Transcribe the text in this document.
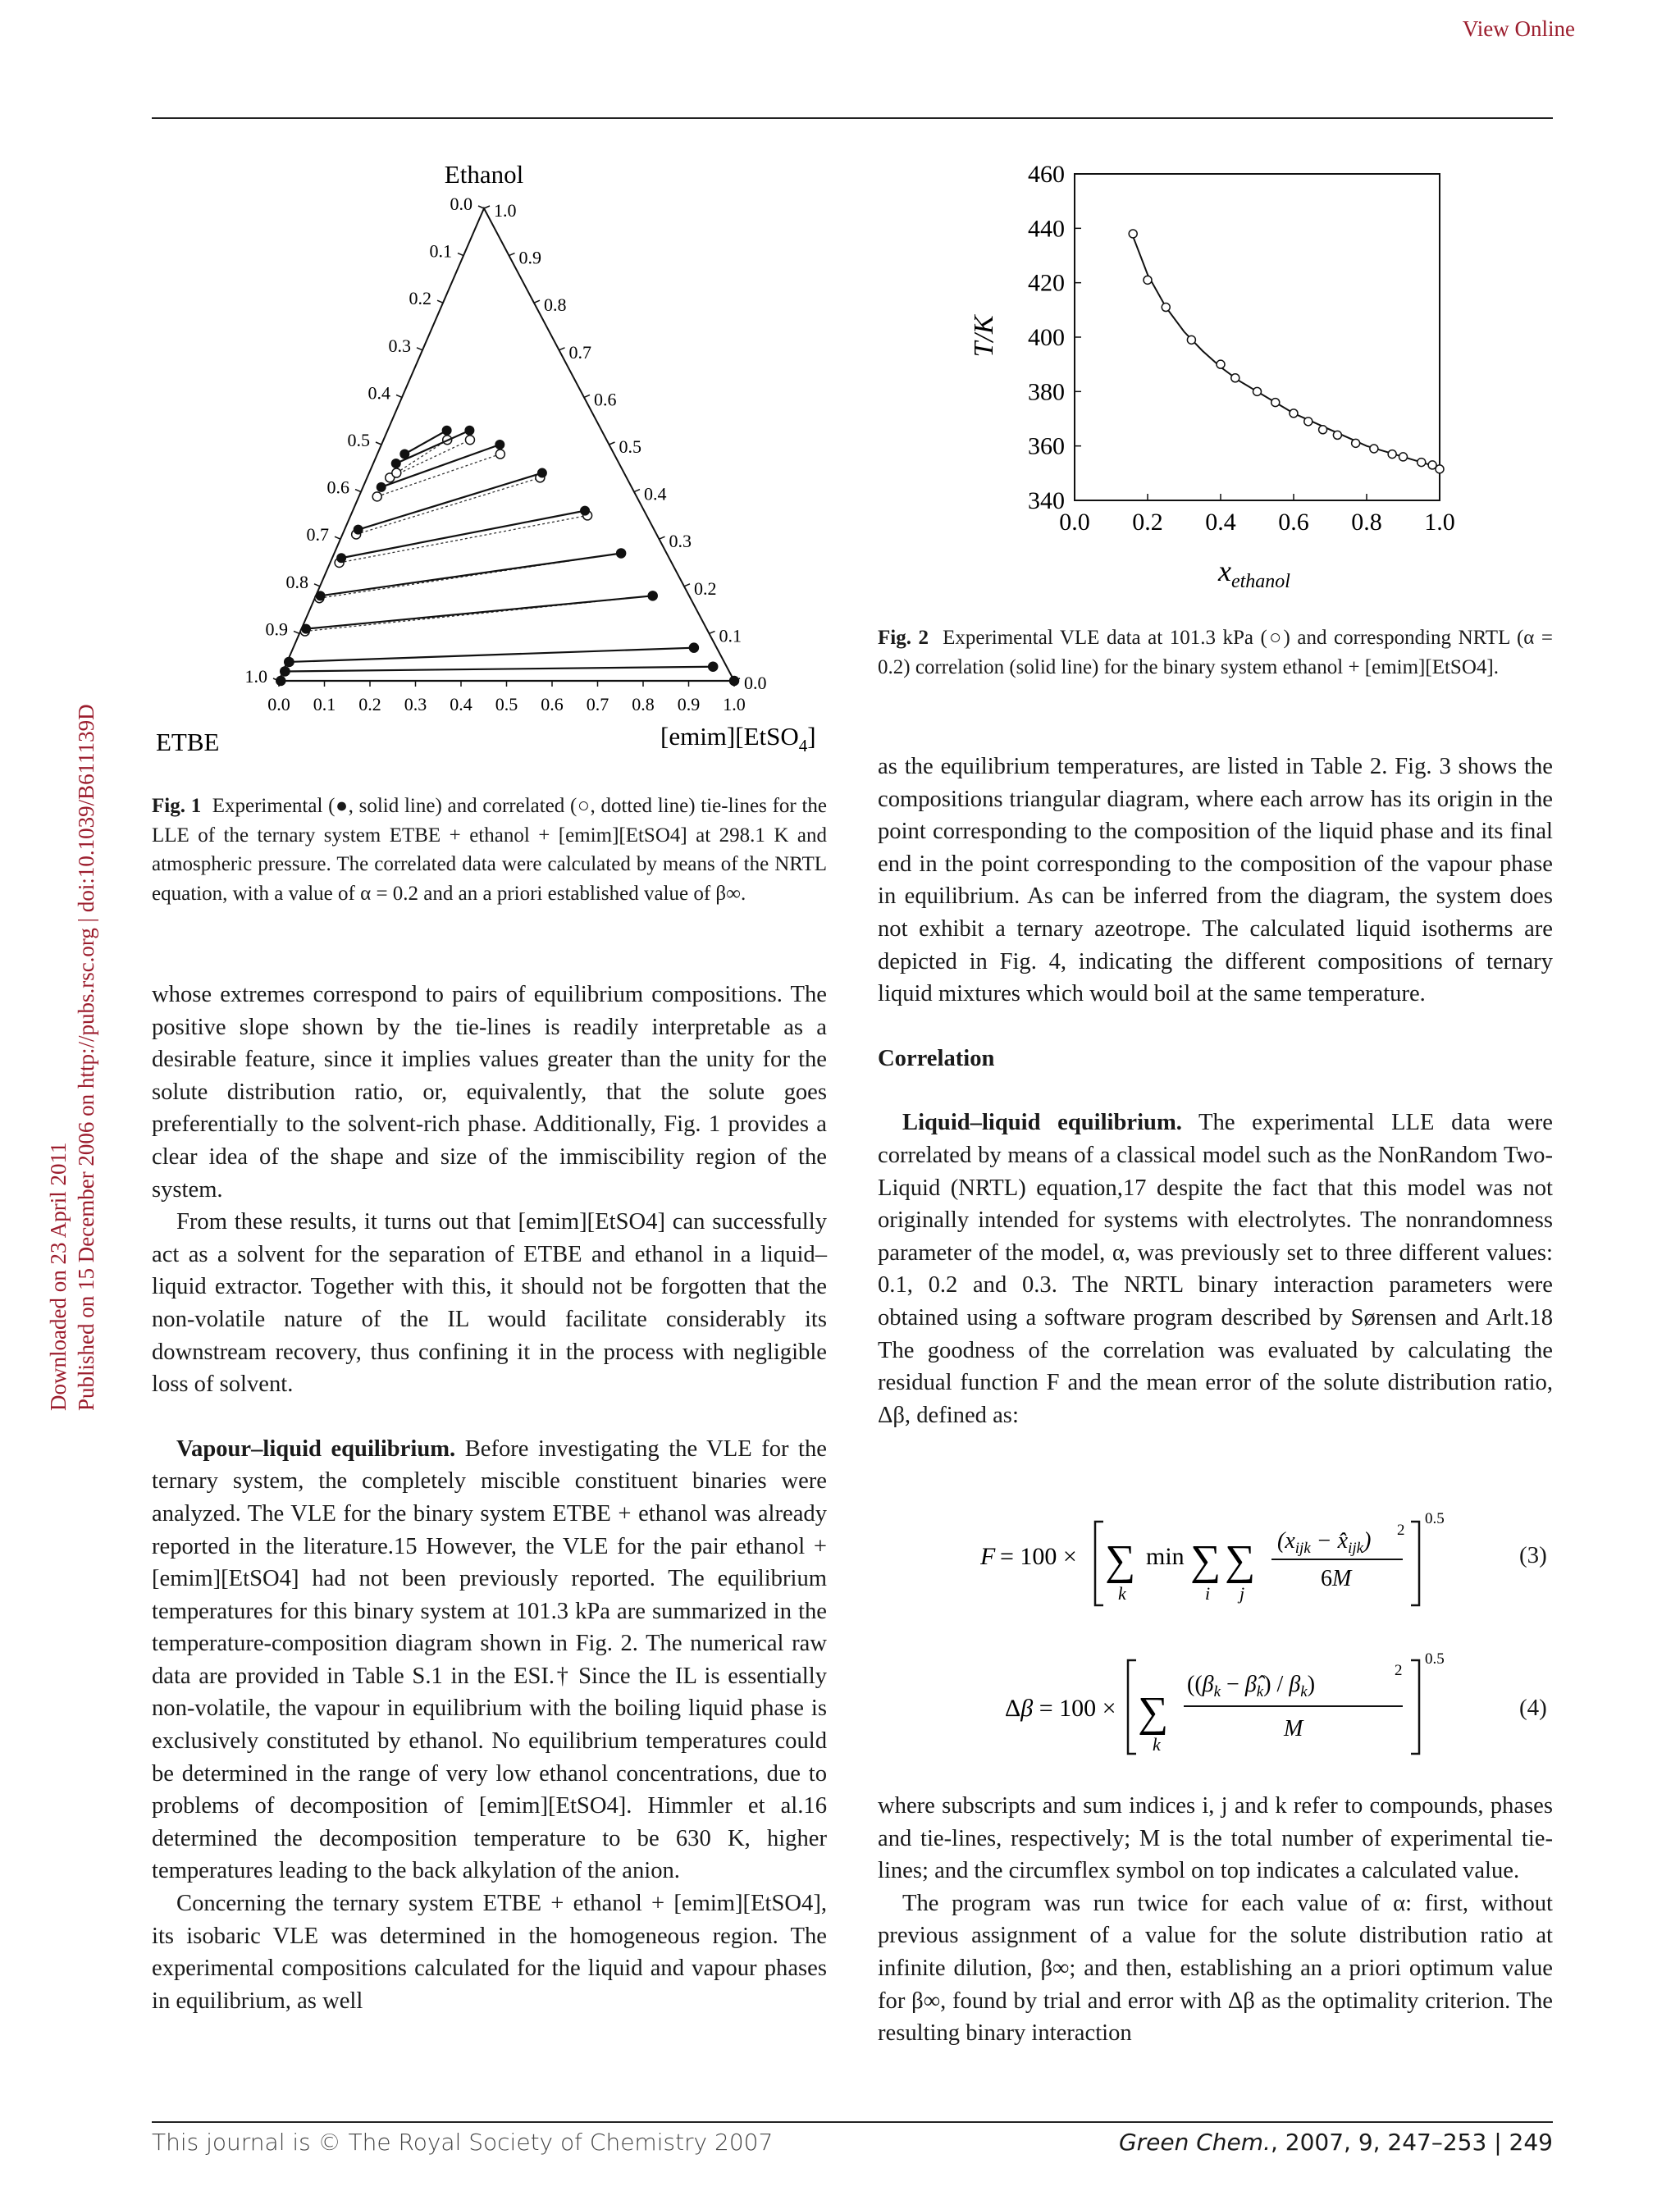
View Online
Downloaded on 23 April 2011 Published on 15 December 2006 on http://pubs.rsc.org | doi:10.1039/B611139D
Ethanol
ETBE	[emim][EtSO$_4$]
0.0
0.0 1.0
0.1
0.1	0.9
0.2
0.2	0.8
0.3
0.3	0.7
0.4
0.4	0.6
0.5
0.5	0.5
0.6
0.6	0.4
0.7
0.7	0.3
0.8
0.8	0.2
0.9
0.9	0.1
1.0
1.0	0.0
Fig. 1 Experimental (●, solid line) and correlated (○, dotted line) tie-lines for the LLE of the ternary system ETBE + ethanol + [emim][EtSO4] at 298.1 K and atmospheric pressure. The correlated data were calculated by means of the NRTL equation, with a value of α = 0.2 and an a priori established value of β∞.
T/K
$x_{ethanol}$
0.0 0.2 0.4 0.6 0.8 1.0
340
360
380
400
420
440
460
Fig. 2 Experimental VLE data at 101.3 kPa (○) and corresponding NRTL (α = 0.2) correlation (solid line) for the binary system ethanol + [emim][EtSO4].

whose extremes correspond to pairs of equilibrium compositions. The positive slope shown by the tie-lines is readily interpretable as a desirable feature, since it implies values greater than the unity for the solute distribution ratio, or, equivalently, that the solute goes preferentially to the solvent-rich phase. Additionally, Fig. 1 provides a clear idea of the shape and size of the immiscibility region of the system.

From these results, it turns out that [emim][EtSO4] can successfully act as a solvent for the separation of ETBE and ethanol in a liquid–liquid extractor. Together with this, it should not be forgotten that the non-volatile nature of the IL would facilitate considerably its downstream recovery, thus confining it in the process with negligible loss of solvent.

Vapour–liquid equilibrium. Before investigating the VLE for the ternary system, the completely miscible constituent binaries were analyzed. The VLE for the binary system ETBE + ethanol was already reported in the literature.15 However, the VLE for the pair ethanol + [emim][EtSO4] had not been previously reported. The equilibrium temperatures for this binary system at 101.3 kPa are summarized in the temperature-composition diagram shown in Fig. 2. The numerical raw data are provided in Table S.1 in the ESI.† Since the IL is essentially non-volatile, the vapour in equilibrium with the boiling liquid phase is exclusively constituted by ethanol. No equilibrium temperatures could be determined in the range of very low ethanol concentrations, due to problems of decomposition of [emim][EtSO4]. Himmler et al.16 determined the decomposition temperature to be 630 K, higher temperatures leading to the back alkylation of the anion.

Concerning the ternary system ETBE + ethanol + [emim][EtSO4], its isobaric VLE was determined in the homogeneous region. The experimental compositions calculated for the liquid and vapour phases in equilibrium, as well

as the equilibrium temperatures, are listed in Table 2. Fig. 3 shows the compositions triangular diagram, where each arrow has its origin in the point corresponding to the composition of the liquid phase and its final end in the point corresponding to the composition of the vapour phase in equilibrium. As can be inferred from the diagram, the system does not exhibit a ternary azeotrope. The calculated liquid isotherms are depicted in Fig. 4, indicating the different compositions of ternary liquid mixtures which would boil at the same temperature.

Correlation

Liquid–liquid equilibrium. The experimental LLE data were correlated by means of a classical model such as the NonRandom Two-Liquid (NRTL) equation,17 despite the fact that this model was not originally intended for systems with electrolytes. The nonrandomness parameter of the model, α, was previously set to three different values: 0.1, 0.2 and 0.3. The NRTL binary interaction parameters were obtained using a software program described by Sørensen and Arlt.18 The goodness of the correlation was evaluated by calculating the residual function F and the mean error of the solute distribution ratio, Δβ, defined as:

F = 100 × ∑
k
min ∑
i
∑
j
($x_{ijk}$ − $x̂_{ijk}$) 2
6M
0.5
(3)
Δβ = 100 × ∑
k
(($\beta_k$ − $\betâ_k) / \beta_k$)
2
M
0.5
(4)

where subscripts and sum indices i, j and k refer to compounds, phases and tie-lines, respectively; M is the total number of experimental tie-lines; and the circumflex symbol on top indicates a calculated value.

The program was run twice for each value of α: first, without previous assignment of a value for the solute distribution ratio at infinite dilution, β∞; and then, establishing an a priori optimum value for β∞, found by trial and error with Δβ as the optimality criterion. The resulting binary interaction

This journal is © The Royal Society of Chemistry 2007	Green Chem., 2007, 9, 247–253 | 249
